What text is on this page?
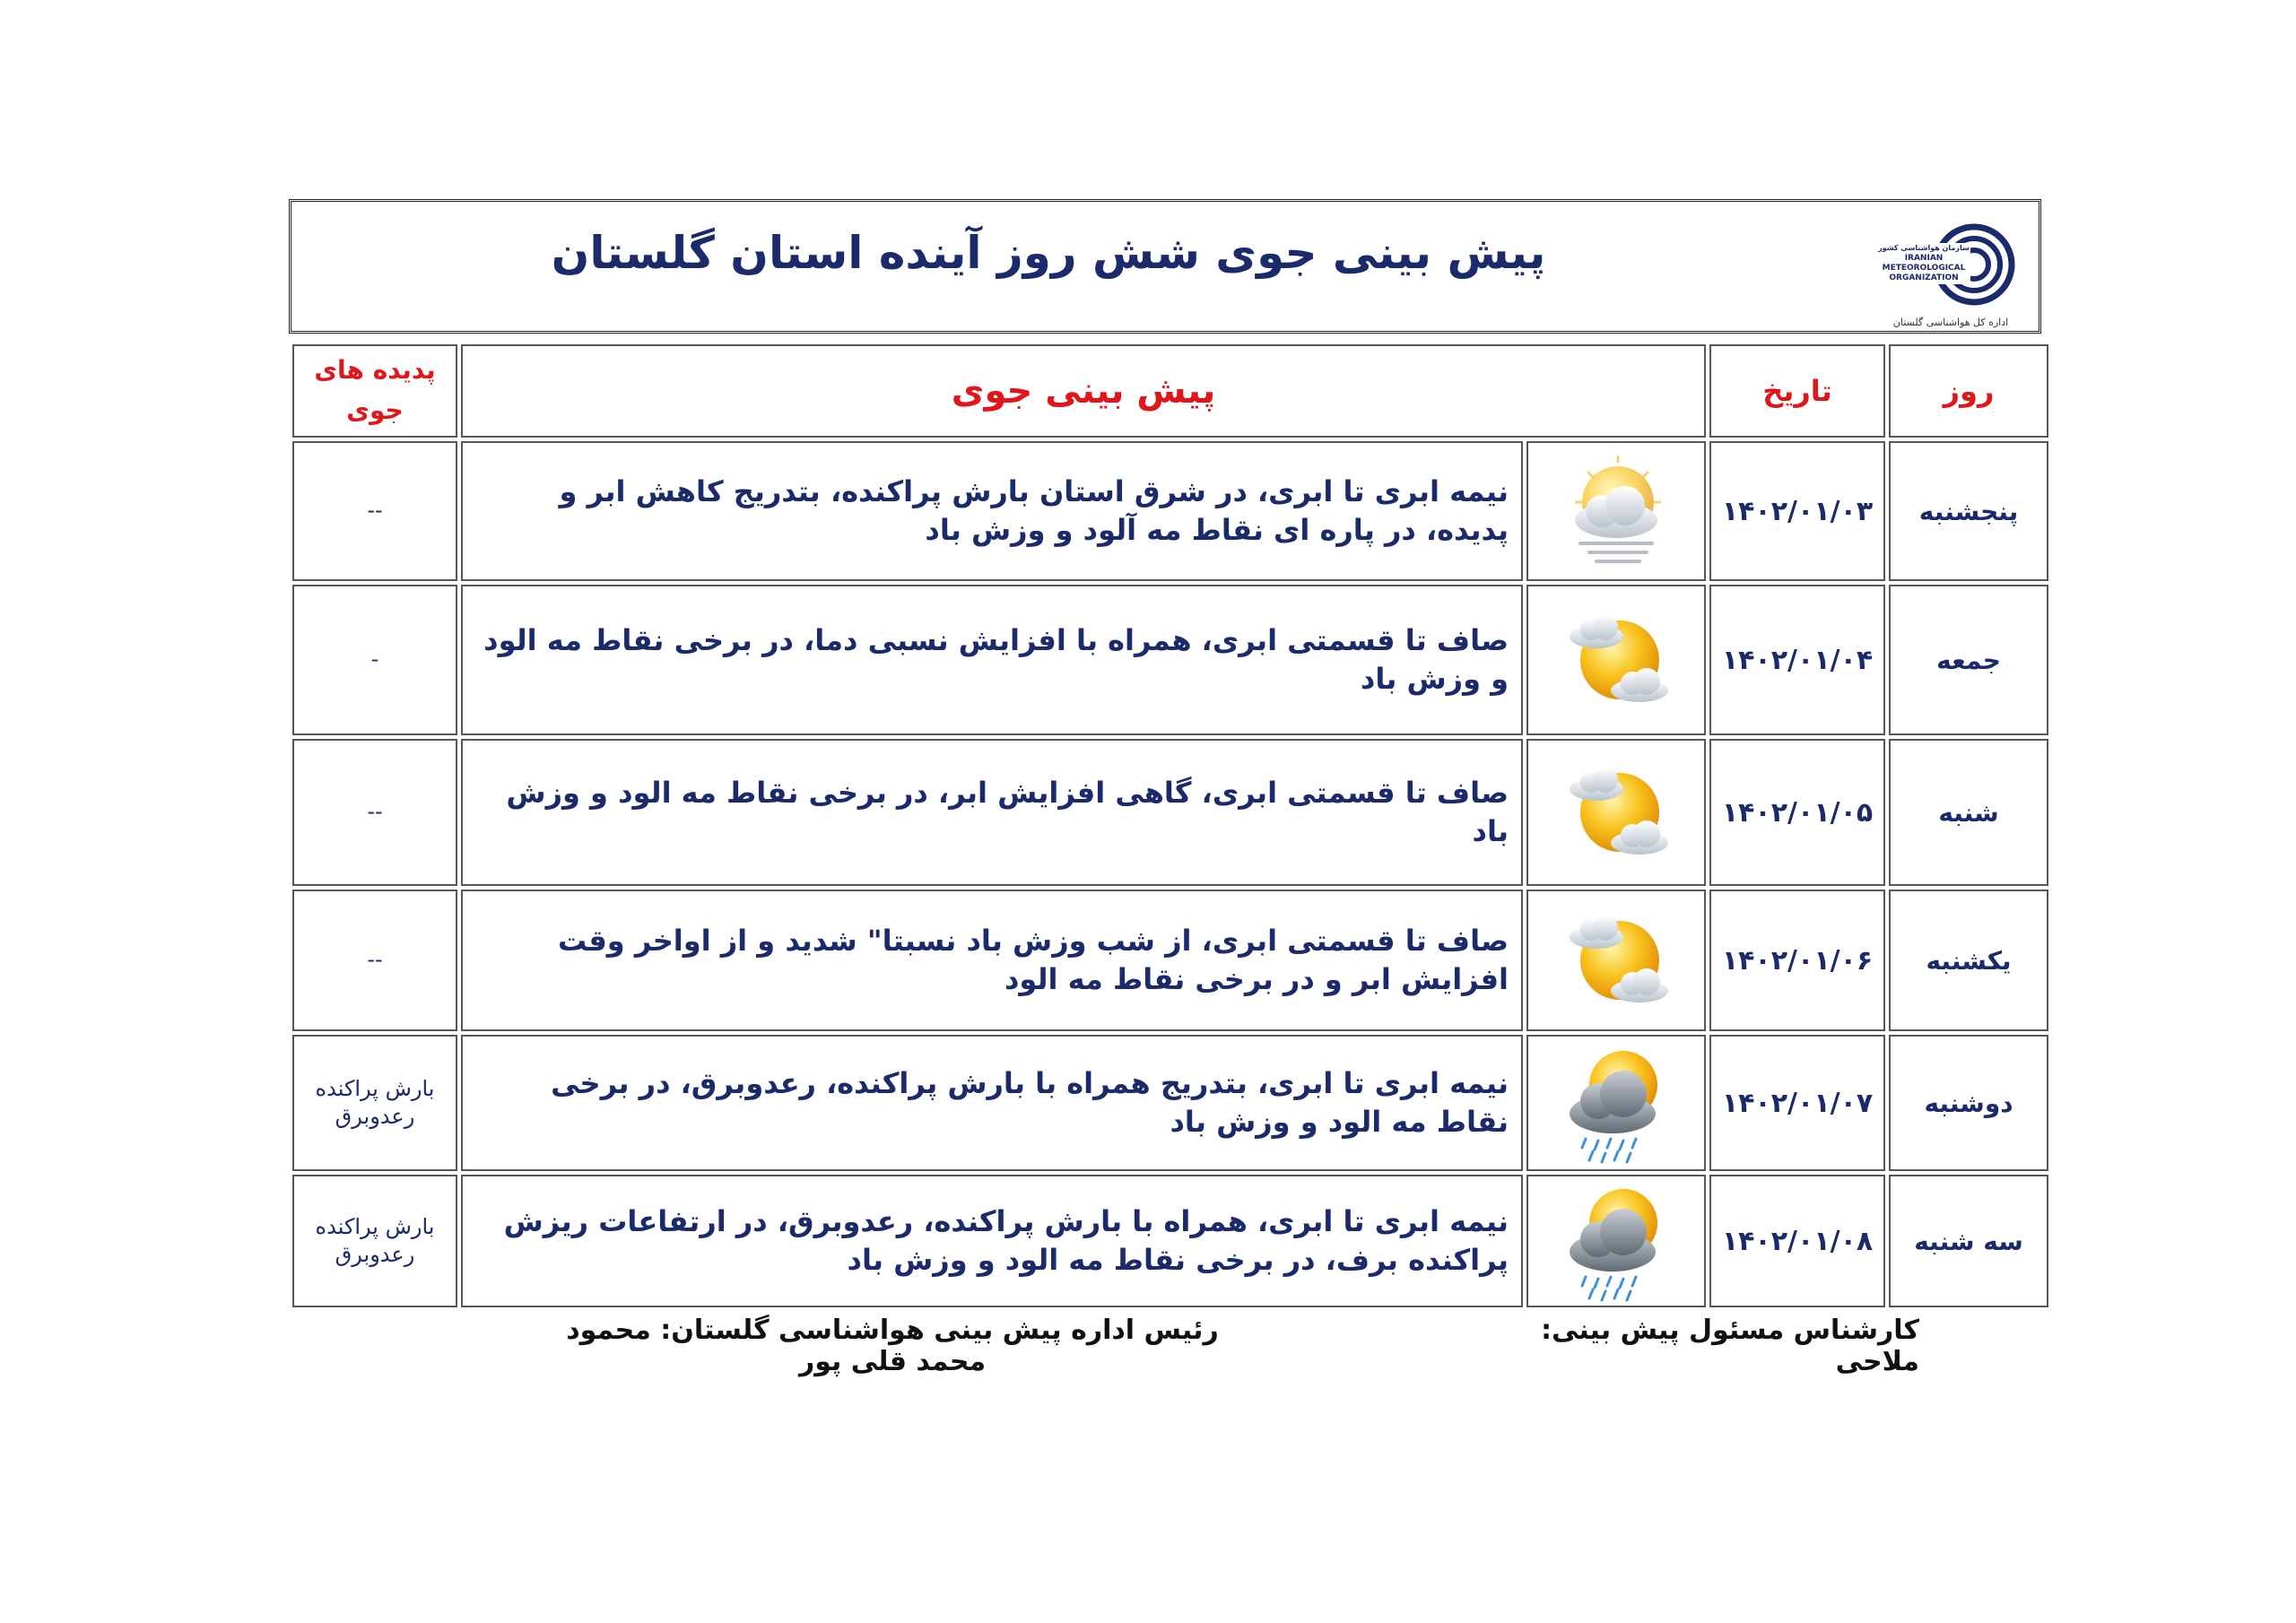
پیش بینی جوی شش روز آینده استان گلستان	سازمان هواشناسی کشور
IRANIAN
METEOROLOGICAL
ORGANIZATION
اداره کل هواشناسی گلستان
پدیده های جوی	پیش بینی جوی		تاریخ	روز
--	نیمه ابری تا ابری، در شرق استان بارش پراکنده، بتدریج کاهش ابر و پدیده، در پاره ای نقاط مه آلود و وزش باد		۱۴۰۲/۰۱/۰۳	پنجشنبه
-	صاف تا قسمتی ابری، همراه با افزایش نسبی دما، در برخی نقاط مه الود و وزش باد		۱۴۰۲/۰۱/۰۴	جمعه
--	صاف تا قسمتی ابری، گاهی افزایش ابر، در برخی نقاط مه الود و وزش باد		۱۴۰۲/۰۱/۰۵	شنبه
--	صاف تا قسمتی ابری، از شب وزش باد نسبتا" شدید و از اواخر وقت افزایش ابر و در برخی نقاط مه الود		۱۴۰۲/۰۱/۰۶	یکشنبه
بارش پراکنده رعدوبرق	نیمه ابری تا ابری، بتدریج همراه با بارش پراکنده، رعدوبرق، در برخی نقاط مه الود و وزش باد		۱۴۰۲/۰۱/۰۷	دوشنبه
بارش پراکنده رعدوبرق	نیمه ابری تا ابری، همراه با بارش پراکنده، رعدوبرق، در ارتفاعات ریزش پراکنده برف، در برخی نقاط مه الود و وزش باد		۱۴۰۲/۰۱/۰۸	سه شنبه
کارشناس مسئول پیش بینی: ملاحی
رئیس اداره پیش بینی هواشناسی گلستان: محمود محمد قلی پور
